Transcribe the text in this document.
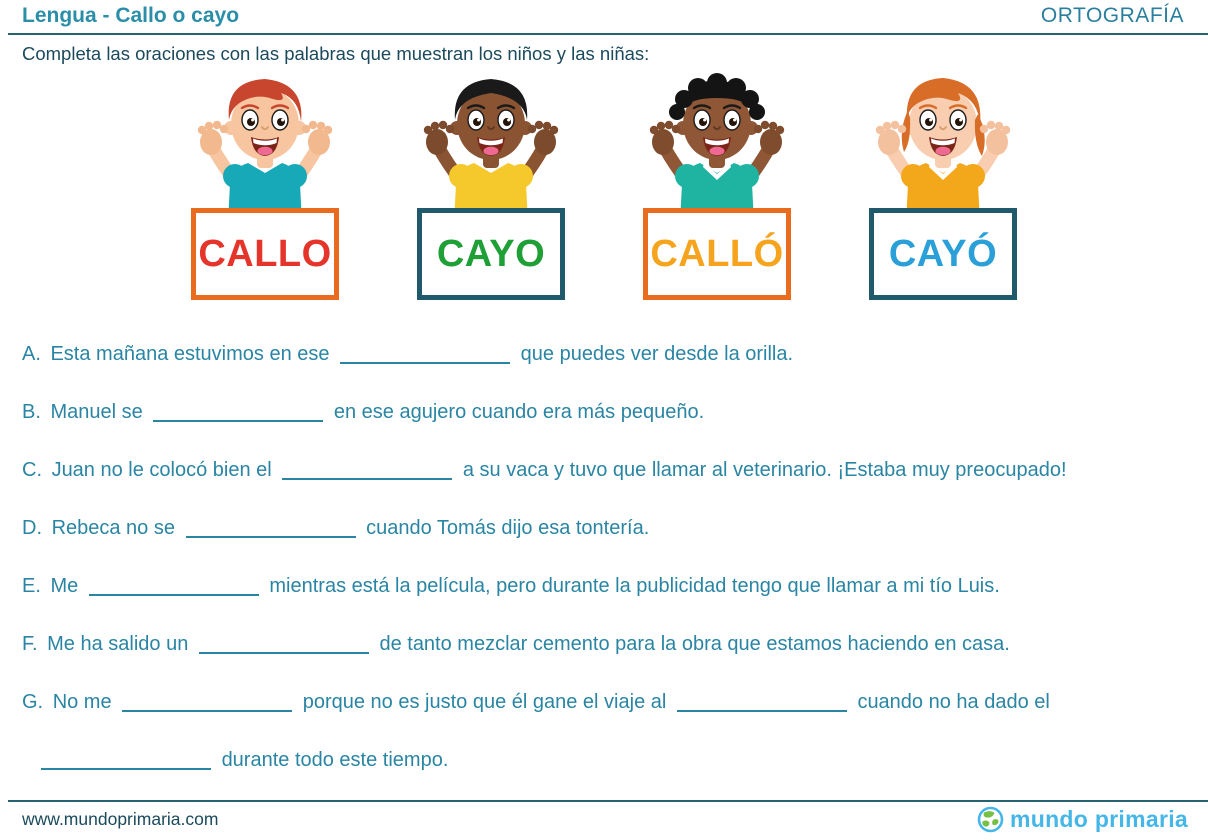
Lengua - Callo o cayo	ORTOGRAFÍA

Completa las oraciones con las palabras que muestran los niños y las niñas:

CALLO	CAYO	CALLÓ	CAYÓ
A. Esta mañana estuvimos en ese	que puedes ver desde la orilla.
B. Manuel se	en ese agujero cuando era más pequeño.
C. Juan no le colocó bien el	a su vaca y tuvo que llamar al veterinario. ¡Estaba muy preocupado!
D. Rebeca no se	cuando Tomás dijo esa tontería.
E. Me	mientras está la película, pero durante la publicidad tengo que llamar a mi tío Luis.
F. Me ha salido un	de tanto mezclar cemento para la obra que estamos haciendo en casa.
G. No me	porque no es justo que él gane el viaje al	cuando no ha dado el
durante todo este tiempo.
www.mundoprimaria.com	mundo primaria
